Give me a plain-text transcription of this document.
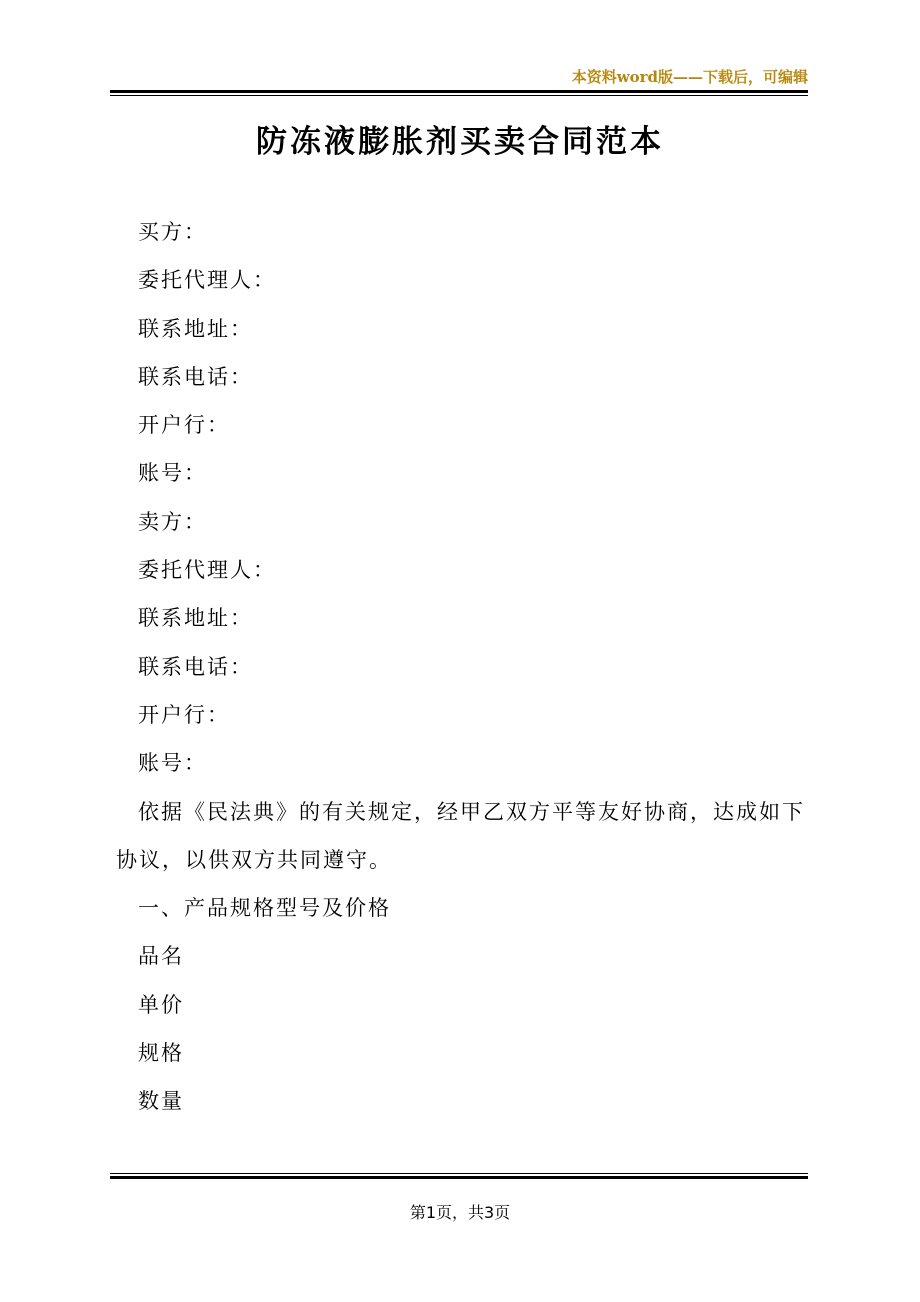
本资料word版——下载后，可编辑
防冻液膨胀剂买卖合同范本
买方：
委托代理人：
联系地址：
联系电话：
开户行：
账号：
卖方：
委托代理人：
联系地址：
联系电话：
开户行：
账号：
依据《民法典》的有关规定，经甲乙双方平等友好协商，达成如下
协议，以供双方共同遵守。
一、产品规格型号及价格
品名
单价
规格
数量
第1页，共3页
